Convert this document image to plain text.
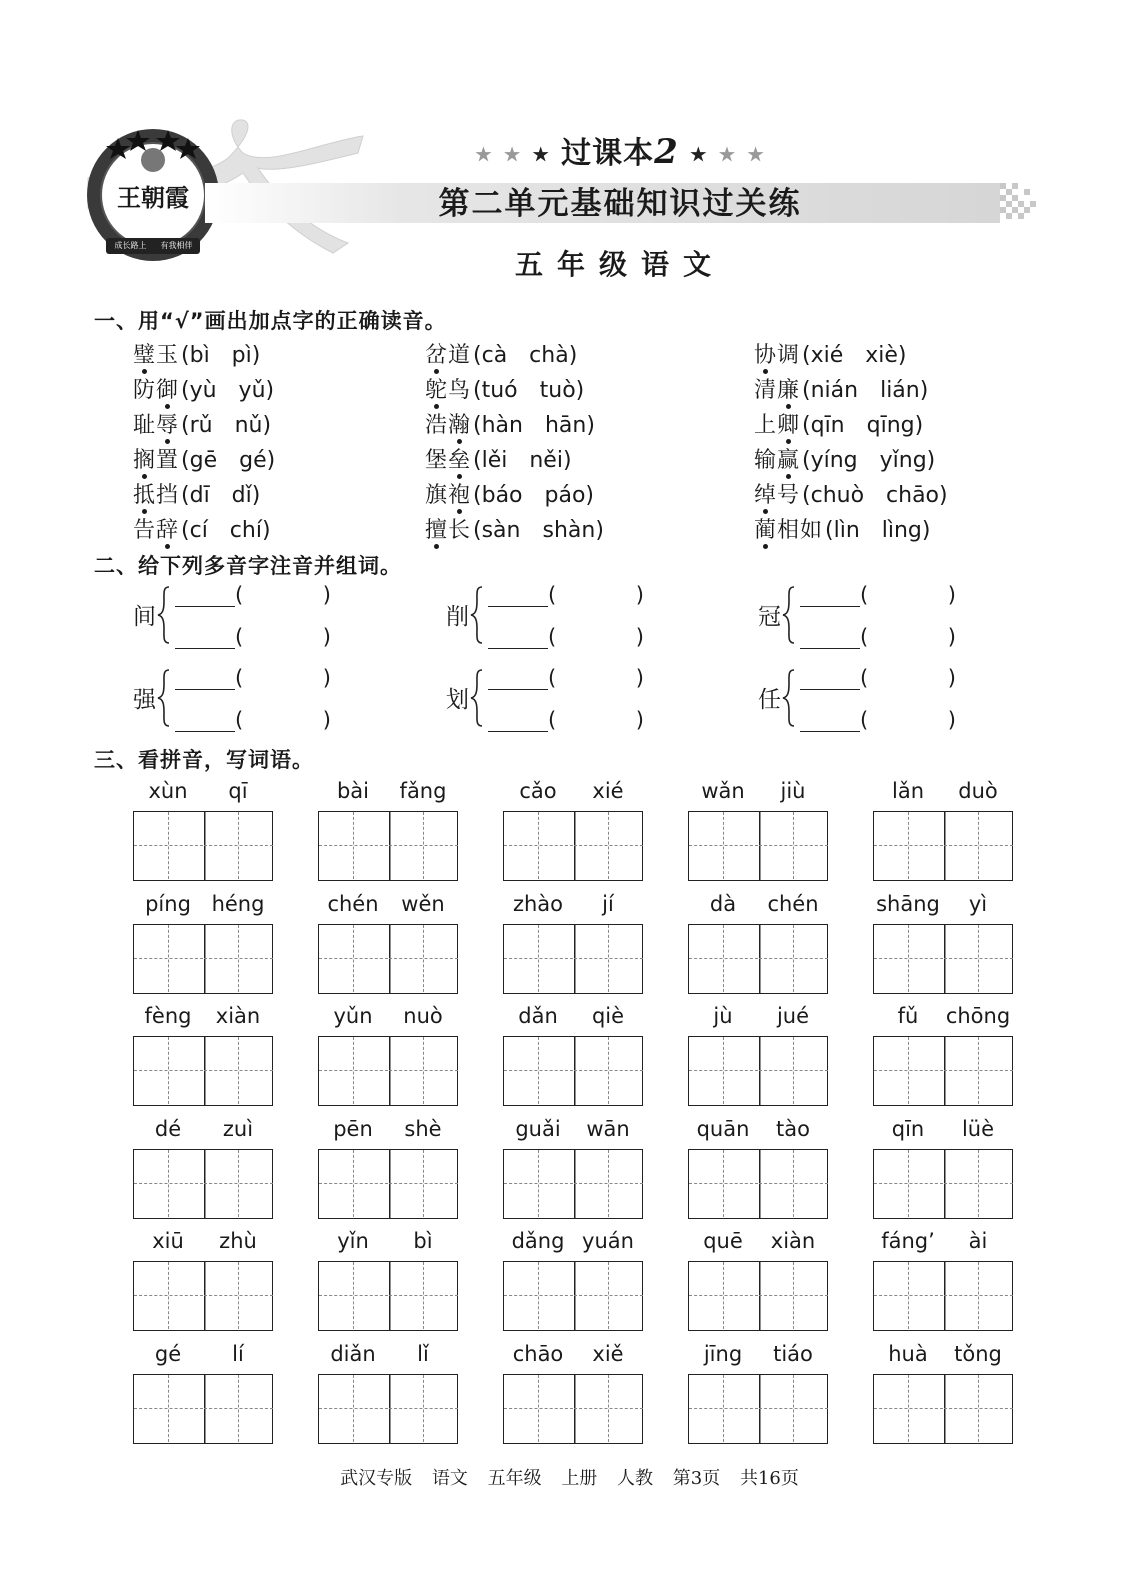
王朝霞
成长路上	有我相伴
★ ★ ★ 过课本2 ★ ★ ★
第二单元基础知识过关练
五年级语文
一、用“√”画出加点字的正确读音。
璧玉(bì　pì)	岔道(cà　chà)	协调(xié　xiè)
防御(yù　yǔ)	鸵鸟(tuó　tuò)	清廉(nián　lián)
耻辱(rǔ　nǔ)	浩瀚(hàn　hān)	上卿(qīn　qīng)
搁置(gē　gé)	堡垒(lěi　něi)	输赢(yíng　yǐng)
抵挡(dī　dǐ)	旗袍(báo　páo)	绰号(chuò　chāo)
告辞(cí　chí)	擅长(sàn　shàn)	蔺相如(lìn　lìng)
二、给下列多音字注音并组词。
间
(	)
(	)
削
(	)
(	)
冠
(	)
(	)
强
(	)
(	)
划
(	)
(	)
任
(	)
(	)
三、看拼音，写词语。
xùn qī	bài fǎng	cǎo xié	wǎn jiù	lǎn duò
píng héng	chén wěn	zhào jí	dà chén	shāng yì
fèng xiàn	yǔn nuò	dǎn qiè	jù jué	fǔ chōng
dé zuì	pēn shè	guǎi wān	quān tào	qīn lüè
xiū zhù	yǐn bì	dǎng yuán	quē xiàn	fáng’ ài
gé lí	diǎn lǐ	chāo xiě	jīng tiáo	huà tǒng
武汉专版 语文 五年级 上册 人教 第3页 共16页
